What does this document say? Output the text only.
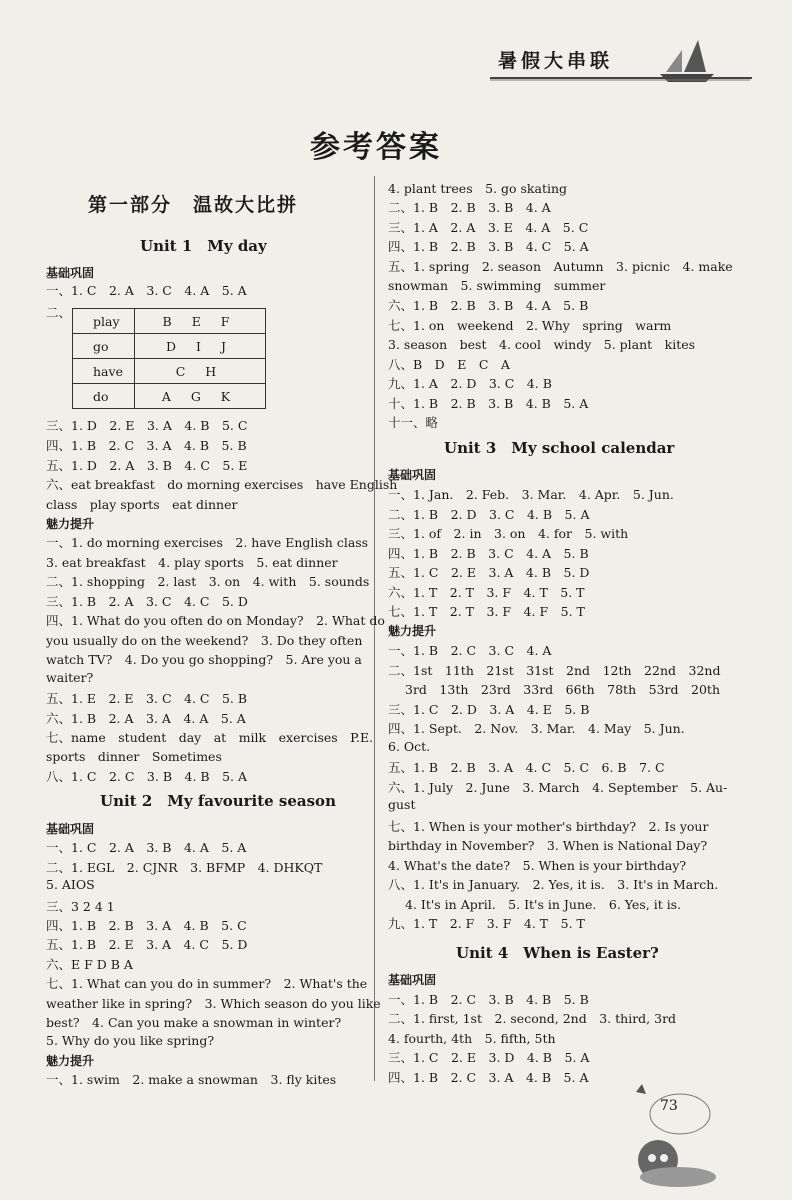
暑假大串联
参考答案
第一部分　温故大比拼
Unit 1　My day
基础巩固
一、1. C　2. A　3. C　4. A　5. A
二、
play	B E F
go	D I J
have	C H
do	A G K
三、1. D　2. E　3. A　4. B　5. C
四、1. B　2. C　3. A　4. B　5. B
五、1. D　2. A　3. B　4. C　5. E
六、eat breakfast　do morning exercises　have English
class　play sports　eat dinner
魅力提升
一、1. do morning exercises　2. have English class
3. eat breakfast　4. play sports　5. eat dinner
二、1. shopping　2. last　3. on　4. with　5. sounds
三、1. B　2. A　3. C　4. C　5. D
四、1. What do you often do on Monday?　2. What do
you usually do on the weekend?　3. Do they often
watch TV?　4. Do you go shopping?　5. Are you a
waiter?
五、1. E　2. E　3. C　4. C　5. B
六、1. B　2. A　3. A　4. A　5. A
七、name　student　day　at　milk　exercises　P.E.
sports　dinner　Sometimes
八、1. C　2. C　3. B　4. B　5. A
Unit 2　My favourite season
基础巩固
一、1. C　2. A　3. B　4. A　5. A
二、1. EGL　2. CJNR　3. BFMP　4. DHKQT
5. AIOS
三、3 2 4 1
四、1. B　2. B　3. A　4. B　5. C
五、1. B　2. E　3. A　4. C　5. D
六、E F D B A
七、1. What can you do in summer?　2. What's the
weather like in spring?　3. Which season do you like
best?　4. Can you make a snowman in winter?
5. Why do you like spring?
魅力提升
一、1. swim　2. make a snowman　3. fly kites
4. plant trees　5. go skating
二、1. B　2. B　3. B　4. A
三、1. A　2. A　3. E　4. A　5. C
四、1. B　2. B　3. B　4. C　5. A
五、1. spring　2. season　Autumn　3. picnic　4. make
snowman　5. swimming　summer
六、1. B　2. B　3. B　4. A　5. B
七、1. on　weekend　2. Why　spring　warm
3. season　best　4. cool　windy　5. plant　kites
八、B　D　E　C　A
九、1. A　2. D　3. C　4. B
十、1. B　2. B　3. B　4. B　5. A
十一、略
Unit 3　My school calendar
基础巩固
一、1. Jan.　2. Feb.　3. Mar.　4. Apr.　5. Jun.
二、1. B　2. D　3. C　4. B　5. A
三、1. of　2. in　3. on　4. for　5. with
四、1. B　2. B　3. C　4. A　5. B
五、1. C　2. E　3. A　4. B　5. D
六、1. T　2. T　3. F　4. T　5. T
七、1. T　2. T　3. F　4. F　5. T
魅力提升
一、1. B　2. C　3. C　4. A
二、1st　11th　21st　31st　2nd　12th　22nd　32nd
3rd　13th　23rd　33rd　66th　78th　53rd　20th
三、1. C　2. D　3. A　4. E　5. B
四、1. Sept.　2. Nov.　3. Mar.　4. May　5. Jun.
6. Oct.
五、1. B　2. B　3. A　4. C　5. C　6. B　7. C
六、1. July　2. June　3. March　4. September　5. Au-
gust
七、1. When is your mother's birthday?　2. Is your
birthday in November?　3. When is National Day?
4. What's the date?　5. When is your birthday?
八、1. It's in January.　2. Yes, it is.　3. It's in March.
4. It's in April.　5. It's in June.　6. Yes, it is.
九、1. T　2. F　3. F　4. T　5. T
Unit 4　When is Easter?
基础巩固
一、1. B　2. C　3. B　4. B　5. B
二、1. first, 1st　2. second, 2nd　3. third, 3rd
4. fourth, 4th　5. fifth, 5th
三、1. C　2. E　3. D　4. B　5. A
四、1. B　2. C　3. A　4. B　5. A
73
